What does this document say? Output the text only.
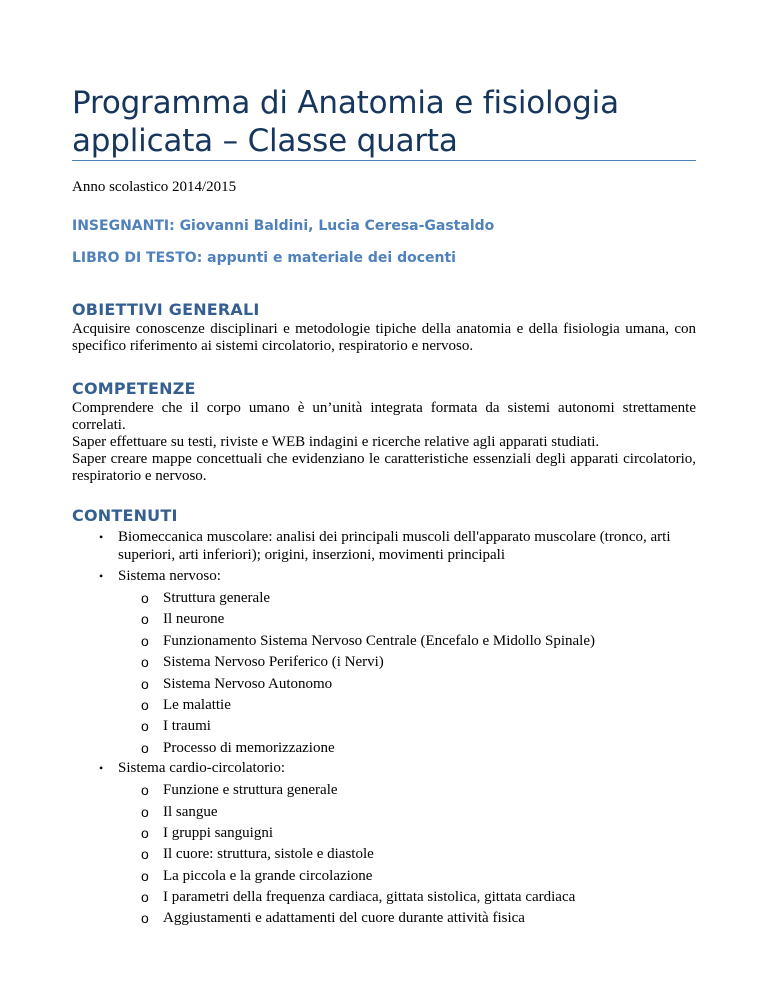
Programma di Anatomia e fisiologia
applicata – Classe quarta
Anno scolastico 2014/2015
INSEGNANTI: Giovanni Baldini, Lucia Ceresa-Gastaldo
LIBRO DI TESTO: appunti e materiale dei docenti
OBIETTIVI GENERALI
Acquisire conoscenze disciplinari e metodologie tipiche della anatomia e della fisiologia umana, con specifico riferimento ai sistemi circolatorio, respiratorio e nervoso.
COMPETENZE

Comprendere che il corpo umano è un’unità integrata formata da sistemi autonomi strettamente correlati.

Saper effettuare su testi, riviste e WEB indagini e ricerche relative agli apparati studiati.

Saper creare mappe concettuali che evidenziano le caratteristiche essenziali degli apparati circolatorio, respiratorio e nervoso.

CONTENUTI
• Biomeccanica muscolare: analisi dei principali muscoli dell'apparato muscolare (tronco, arti superiori, arti inferiori); origini, inserzioni, movimenti principali
• Sistema nervoso:
o Struttura generale
o Il neurone
o Funzionamento Sistema Nervoso Centrale (Encefalo e Midollo Spinale)
o Sistema Nervoso Periferico (i Nervi)
o Sistema Nervoso Autonomo
o Le malattie
o I traumi
o Processo di memorizzazione
• Sistema cardio-circolatorio:
o Funzione e struttura generale
o Il sangue
o I gruppi sanguigni
o Il cuore: struttura, sistole e diastole
o La piccola e la grande circolazione
o I parametri della frequenza cardiaca, gittata sistolica, gittata cardiaca
o Aggiustamenti e adattamenti del cuore durante attività fisica
